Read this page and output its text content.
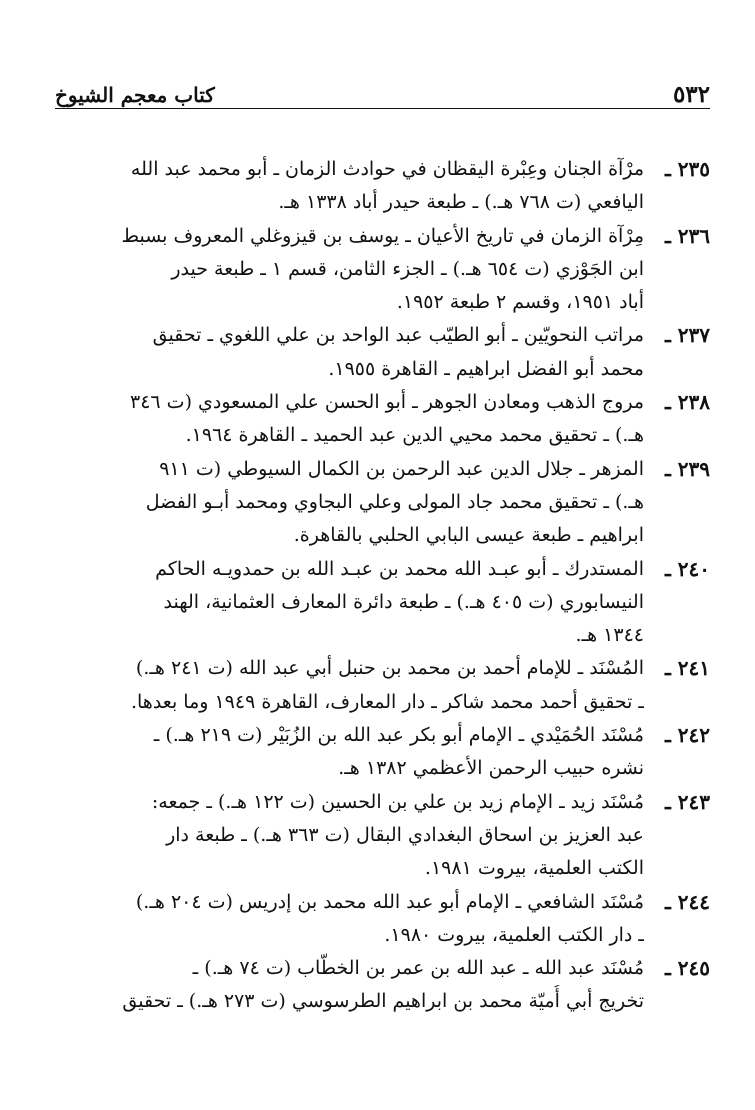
٥٣٢
كتاب معجم الشيوخ
٢٣٥ ـ
مرْآة الجنان وعِبْرة اليقظان في حوادث الزمان ـ أبو محمد عبد الله
اليافعي (ت ٧٦٨ هـ.) ـ طبعة حيدر أباد ١٣٣٨ هـ.
٢٣٦ ـ
مِرْآة الزمان في تاريخ الأعيان ـ يوسف بن قيزوغلي المعروف بسبط
ابن الجَوْزي (ت ٦٥٤ هـ.) ـ الجزء الثامن، قسم ١ ـ طبعة حيدر
أباد ١٩٥١، وقسم ٢ طبعة ١٩٥٢.
٢٣٧ ـ
مراتب النحويّين ـ أبو الطيّب عبد الواحد بن علي اللغوي ـ تحقيق
محمد أبو الفضل ابراهيم ـ القاهرة ١٩٥٥.
٢٣٨ ـ
مروج الذهب ومعادن الجوهر ـ أبو الحسن علي المسعودي (ت ٣٤٦
هـ.) ـ تحقيق محمد محيي الدين عبد الحميد ـ القاهرة ١٩٦٤.
٢٣٩ ـ
المزهر ـ جلال الدين عبد الرحمن بن الكمال السيوطي (ت ٩١١
هـ.) ـ تحقيق محمد جاد المولى وعلي البجاوي ومحمد أبـو الفضل
ابراهيم ـ طبعة عيسى البابي الحلبي بالقاهرة.
٢٤٠ ـ
المستدرك ـ أبو عبـد الله محمد بن عبـد الله بن حمدويـه الحاكم
النيسابوري (ت ٤٠٥ هـ.) ـ طبعة دائرة المعارف العثمانية، الهند
١٣٤٤ هـ.
٢٤١ ـ
المُسْنَد ـ للإمام أحمد بن محمد بن حنبل أبي عبد الله (ت ٢٤١ هـ.)
ـ تحقيق أحمد محمد شاكر ـ دار المعارف، القاهرة ١٩٤٩ وما بعدها.
٢٤٢ ـ
مُسْنَد الحُمَيْدي ـ الإمام أبو بكر عبد الله بن الزُبَيْر (ت ٢١٩ هـ.) ـ
نشره حبيب الرحمن الأعظمي ١٣٨٢ هـ.
٢٤٣ ـ
مُسْنَد زيد ـ الإمام زيد بن علي بن الحسين (ت ١٢٢ هـ.) ـ جمعه:
عبد العزيز بن اسحاق البغدادي البقال (ت ٣٦٣ هـ.) ـ طبعة دار
الكتب العلمية، بيروت ١٩٨١.
٢٤٤ ـ
مُسْنَد الشافعي ـ الإمام أبو عبد الله محمد بن إدريس (ت ٢٠٤ هـ.)
ـ دار الكتب العلمية، بيروت ١٩٨٠.
٢٤٥ ـ
مُسْنَد عبد الله ـ عبد الله بن عمر بن الخطّاب (ت ٧٤ هـ.) ـ
تخريج أبي أُميّة محمد بن ابراهيم الطرسوسي (ت ٢٧٣ هـ.) ـ تحقيق
